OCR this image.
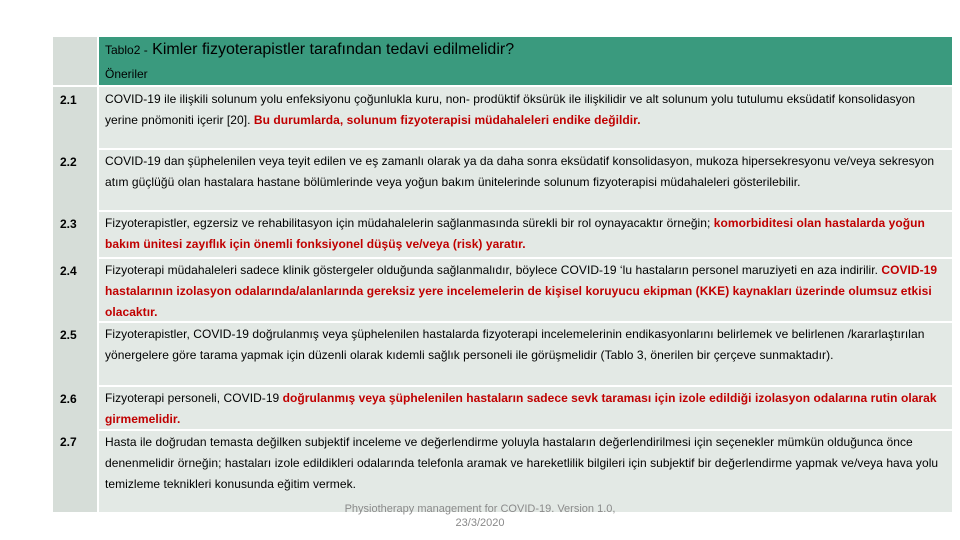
Tablo2 - Kimler fizyoterapistler tarafından tedavi edilmelidir?
Öneriler
2.1
2.2
2.3
2.4
2.5
2.6
2.7
COVID-19 ile ilişkili solunum yolu enfeksiyonu çoğunlukla kuru, non- prodüktif öksürük ile ilişkilidir ve alt solunum yolu tutulumu eksüdatif konsolidasyon yerine pnömoniti içerir [20]. Bu durumlarda, solunum fizyoterapisi müdahaleleri endike değildir.
COVID-19 dan şüphelenilen veya teyit edilen ve eş zamanlı olarak ya da daha sonra eksüdatif konsolidasyon, mukoza hipersekresyonu ve/veya sekresyon atım güçlüğü olan hastalara hastane bölümlerinde veya yoğun bakım ünitelerinde solunum fizyoterapisi müdahaleleri gösterilebilir.
Fizyoterapistler, egzersiz ve rehabilitasyon için müdahalelerin sağlanmasında sürekli bir rol oynayacaktır örneğin; komorbiditesi olan hastalarda yoğun bakım ünitesi zayıflık için önemli fonksiyonel düşüş ve/veya (risk) yaratır.
Fizyoterapi müdahaleleri sadece klinik göstergeler olduğunda sağlanmalıdır, böylece COVID-19 ‘lu hastaların personel maruziyeti en aza indirilir. COVID-19 hastalarının izolasyon odalarında/alanlarında gereksiz yere incelemelerin de kişisel koruyucu ekipman (KKE) kaynakları üzerinde olumsuz etkisi olacaktır.
Fizyoterapistler, COVID-19 doğrulanmış veya şüphelenilen hastalarda fizyoterapi incelemelerinin endikasyonlarını belirlemek ve belirlenen /kararlaştırılan yönergelere göre tarama yapmak için düzenli olarak kıdemli sağlık personeli ile görüşmelidir (Tablo 3, önerilen bir çerçeve sunmaktadır).
Fizyoterapi personeli, COVID-19 doğrulanmış veya şüphelenilen hastaların sadece sevk taraması için izole edildiği izolasyon odalarına rutin olarak girmemelidir.
Hasta ile doğrudan temasta değilken subjektif inceleme ve değerlendirme yoluyla hastaların değerlendirilmesi için seçenekler mümkün olduğunca önce denenmelidir örneğin; hastaları izole edildikleri odalarında telefonla aramak ve hareketlilik bilgileri için subjektif bir değerlendirme yapmak ve/veya hava yolu temizleme teknikleri konusunda eğitim vermek.
Physiotherapy management for COVID-19. Version 1.0,
23/3/2020
